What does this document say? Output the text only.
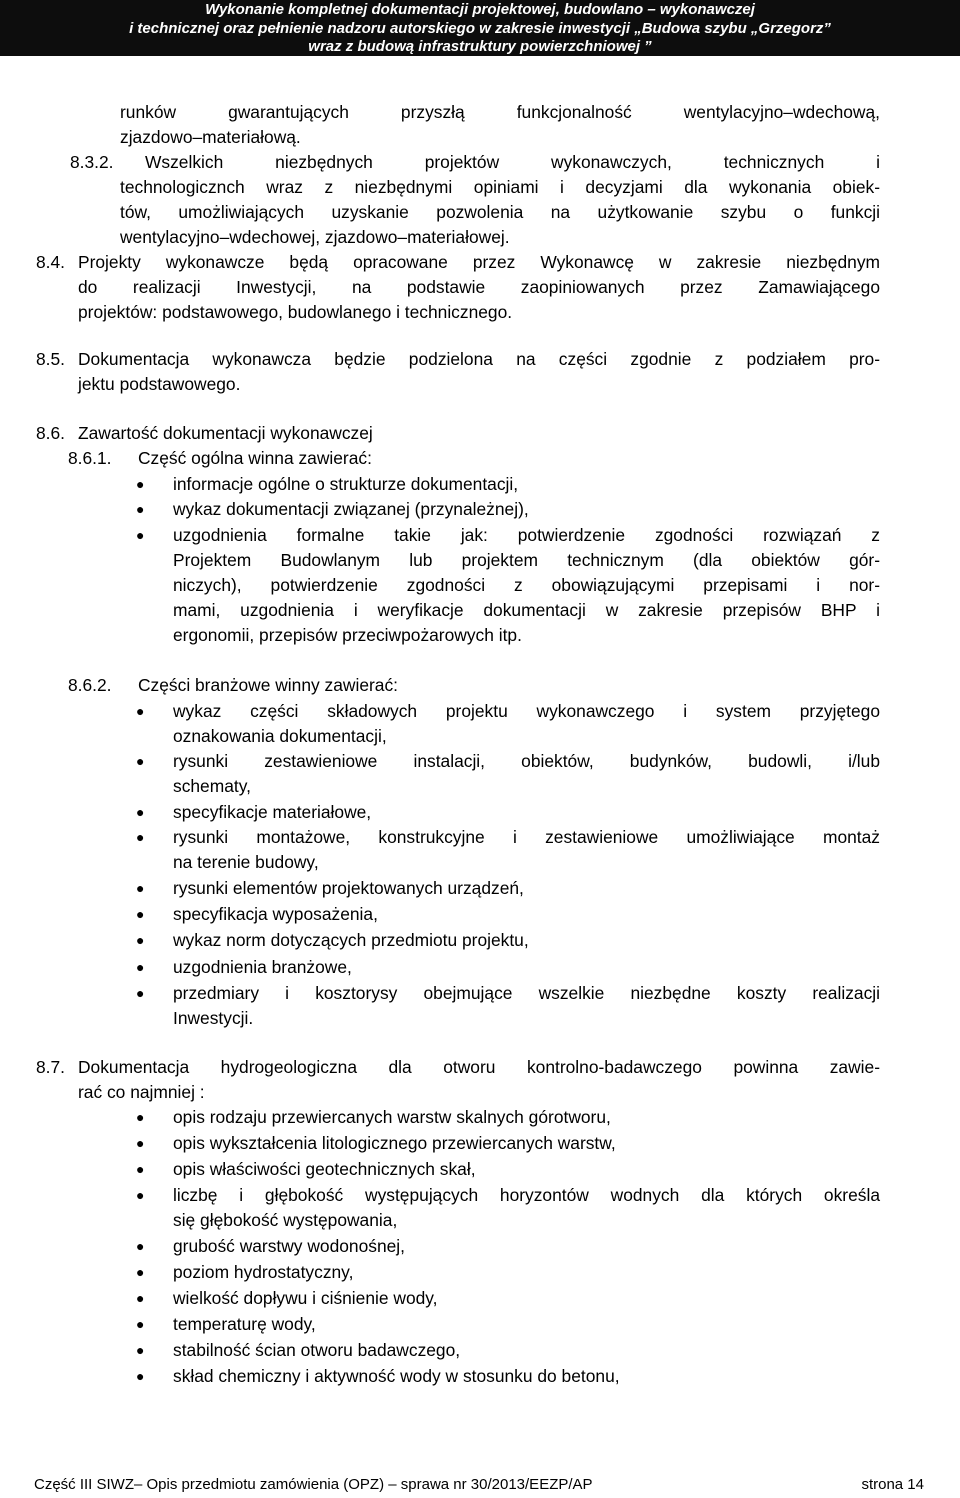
Wykonanie kompletnej dokumentacji projektowej, budowlano – wykonawczej
i technicznej oraz pełnienie nadzoru autorskiego w zakresie inwestycji „Budowa szybu „Grzegorz”
wraz z budową infrastruktury powierzchniowej ”
runków gwarantujących przyszłą funkcjonalność wentylacyjno–wdechową,
zjazdowo–materiałową.
8.3.2. Wszelkich niezbędnych projektów wykonawczych, technicznych i
technologicznch wraz z niezbędnymi opiniami i decyzjami dla wykonania obiek-
tów, umożliwiających uzyskanie pozwolenia na użytkowanie szybu o funkcji
wentylacyjno–wdechowej, zjazdowo–materiałowej.
8.4. Projekty wykonawcze będą opracowane przez Wykonawcę w zakresie niezbędnym
do realizacji Inwestycji, na podstawie zaopiniowanych przez Zamawiającego
projektów: podstawowego, budowlanego i technicznego.
8.5. Dokumentacja wykonawcza będzie podzielona na części zgodnie z podziałem pro-
jektu podstawowego.
8.6. Zawartość dokumentacji wykonawczej
8.6.1. Część ogólna winna zawierać:
● informacje ogólne o strukturze dokumentacji,
● wykaz dokumentacji związanej (przynależnej),
● uzgodnienia formalne takie jak: potwierdzenie zgodności rozwiązań z
Projektem Budowlanym lub projektem technicznym (dla obiektów gór-
niczych), potwierdzenie zgodności z obowiązującymi przepisami i nor-
mami, uzgodnienia i weryfikacje dokumentacji w zakresie przepisów BHP i
ergonomii, przepisów przeciwpożarowych itp.
8.6.2. Części branżowe winny zawierać:
● wykaz części składowych projektu wykonawczego i system przyjętego
oznakowania dokumentacji,
● rysunki zestawieniowe instalacji, obiektów, budynków, budowli, i/lub
schematy,
● specyfikacje materiałowe,
● rysunki montażowe, konstrukcyjne i zestawieniowe umożliwiające montaż
na terenie budowy,
● rysunki elementów projektowanych urządzeń,
● specyfikacja wyposażenia,
● wykaz norm dotyczących przedmiotu projektu,
● uzgodnienia branżowe,
● przedmiary i kosztorysy obejmujące wszelkie niezbędne koszty realizacji
Inwestycji.
8.7. Dokumentacja hydrogeologiczna dla otworu kontrolno-badawczego powinna zawie-
rać co najmniej :
● opis rodzaju przewiercanych warstw skalnych górotworu,
● opis wykształcenia litologicznego przewiercanych warstw,
● opis właściwości geotechnicznych skał,
● liczbę i głębokość występujących horyzontów wodnych dla których określa
się głębokość występowania,
● grubość warstwy wodonośnej,
● poziom hydrostatyczny,
● wielkość dopływu i ciśnienie wody,
● temperaturę wody,
● stabilność ścian otworu badawczego,
● skład chemiczny i aktywność wody w stosunku do betonu,
Część III SIWZ– Opis przedmiotu zamówienia (OPZ) – sprawa nr 30/2013/EEZP/AP	strona 14
